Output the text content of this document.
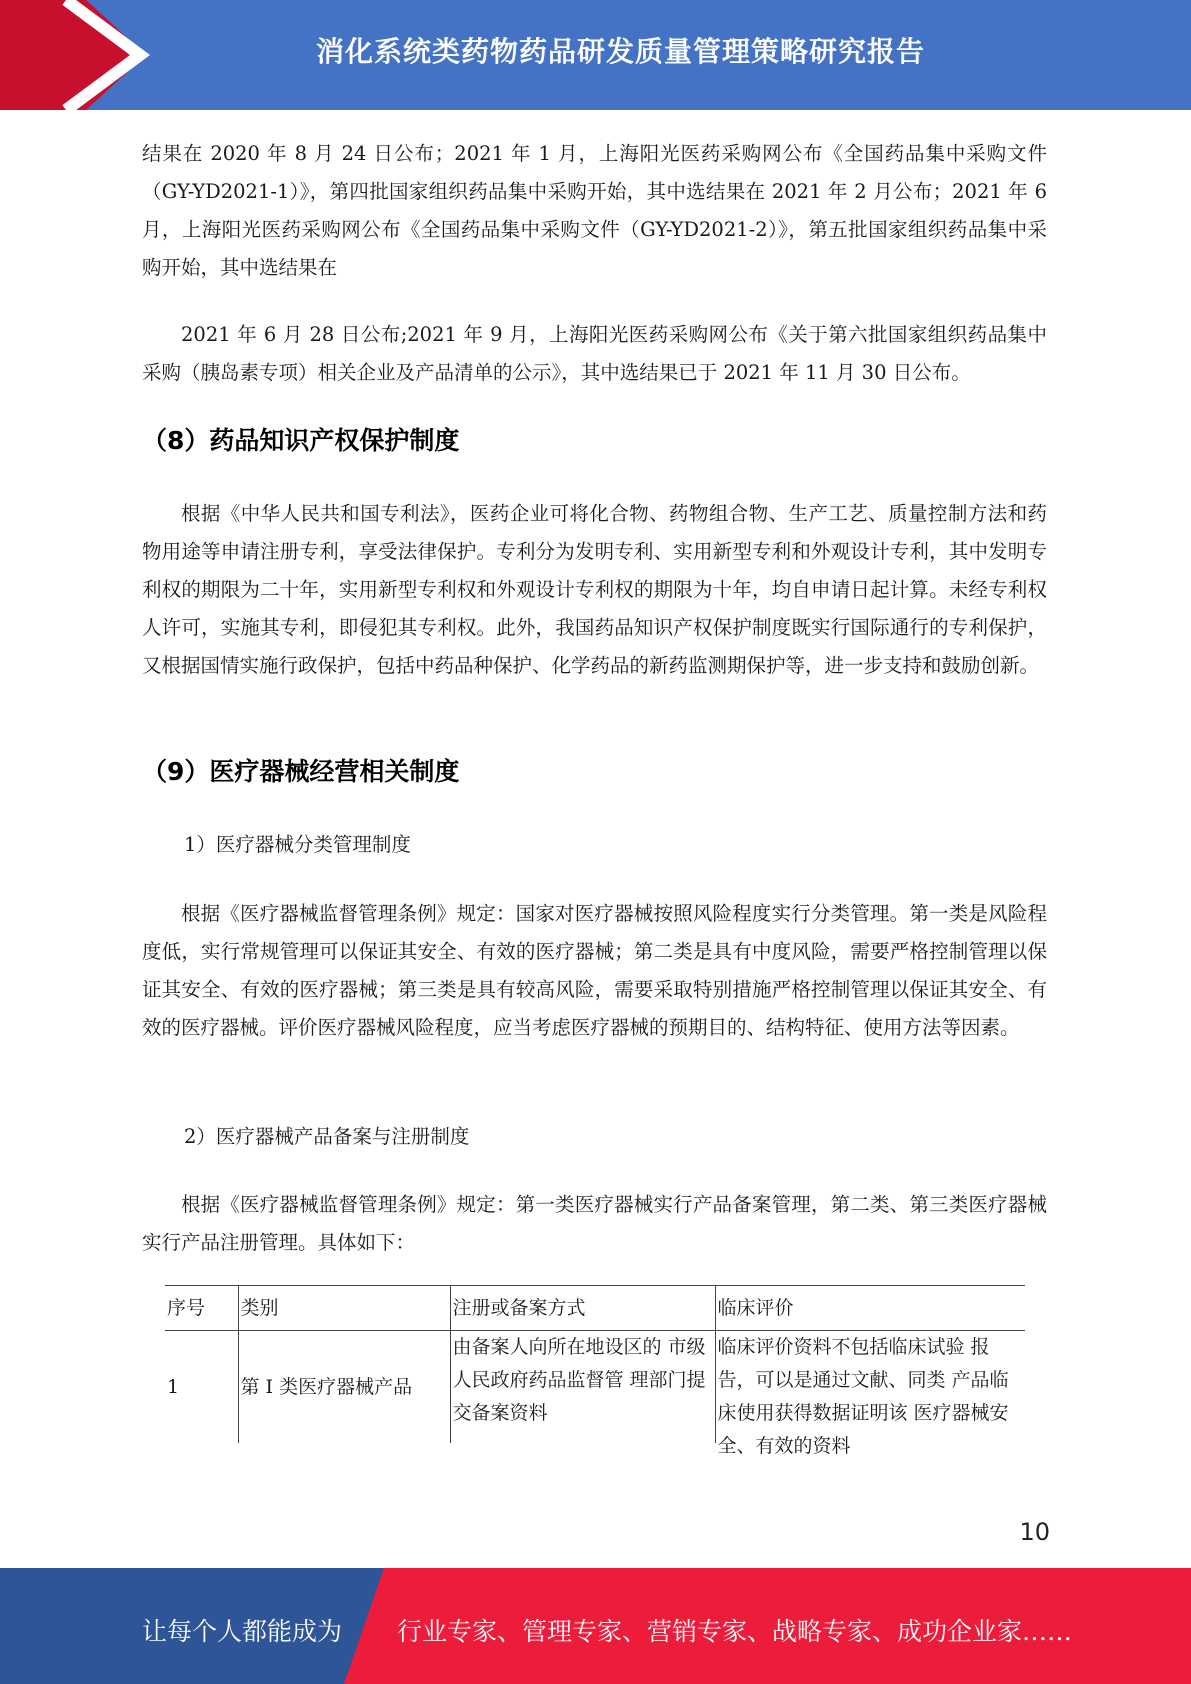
消化系统类药物药品研发质量管理策略研究报告

结果在 2020 年 8 月 24 日公布；2021 年 1 月，上海阳光医药采购网公布《全国药品集中采购文件（GY-YD2021-1）》，第四批国家组织药品集中采购开始，其中选结果在 2021 年 2 月公布；2021 年 6 月，上海阳光医药采购网公布《全国药品集中采购文件（GY-YD2021-2）》，第五批国家组织药品集中采购开始，其中选结果在

2021 年 6 月 28 日公布;2021 年 9 月，上海阳光医药采购网公布《关于第六批国家组织药品集中采购（胰岛素专项）相关企业及产品清单的公示》，其中选结果已于 2021 年 11 月 30 日公布。

（8）药品知识产权保护制度

根据《中华人民共和国专利法》，医药企业可将化合物、药物组合物、生产工艺、质量控制方法和药物用途等申请注册专利，享受法律保护。专利分为发明专利、实用新型专利和外观设计专利，其中发明专利权的期限为二十年，实用新型专利权和外观设计专利权的期限为十年，均自申请日起计算。未经专利权人许可，实施其专利，即侵犯其专利权。此外，我国药品知识产权保护制度既实行国际通行的专利保护，又根据国情实施行政保护，包括中药品种保护、化学药品的新药监测期保护等，进一步支持和鼓励创新。

（9）医疗器械经营相关制度

1）医疗器械分类管理制度

根据《医疗器械监督管理条例》规定：国家对医疗器械按照风险程度实行分类管理。第一类是风险程度低，实行常规管理可以保证其安全、有效的医疗器械；第二类是具有中度风险，需要严格控制管理以保证其安全、有效的医疗器械；第三类是具有较高风险，需要采取特别措施严格控制管理以保证其安全、有效的医疗器械。评价医疗器械风险程度，应当考虑医疗器械的预期目的、结构特征、使用方法等因素。

2）医疗器械产品备案与注册制度

根据《医疗器械监督管理条例》规定：第一类医疗器械实行产品备案管理，第二类、第三类医疗器械实行产品注册管理。具体如下：

序号	类别	注册或备案方式	临床评价
1	第 I 类医疗器械产品	由备案人向所在地设区的 市级人民政府药品监督管 理部门提交备案资料	临床评价资料不包括临床试验 报告，可以是通过文献、同类 产品临床使用获得数据证明该 医疗器械安全、有效的资料
10
让每个人都能成为 行业专家、管理专家、营销专家、战略专家、成功企业家……
